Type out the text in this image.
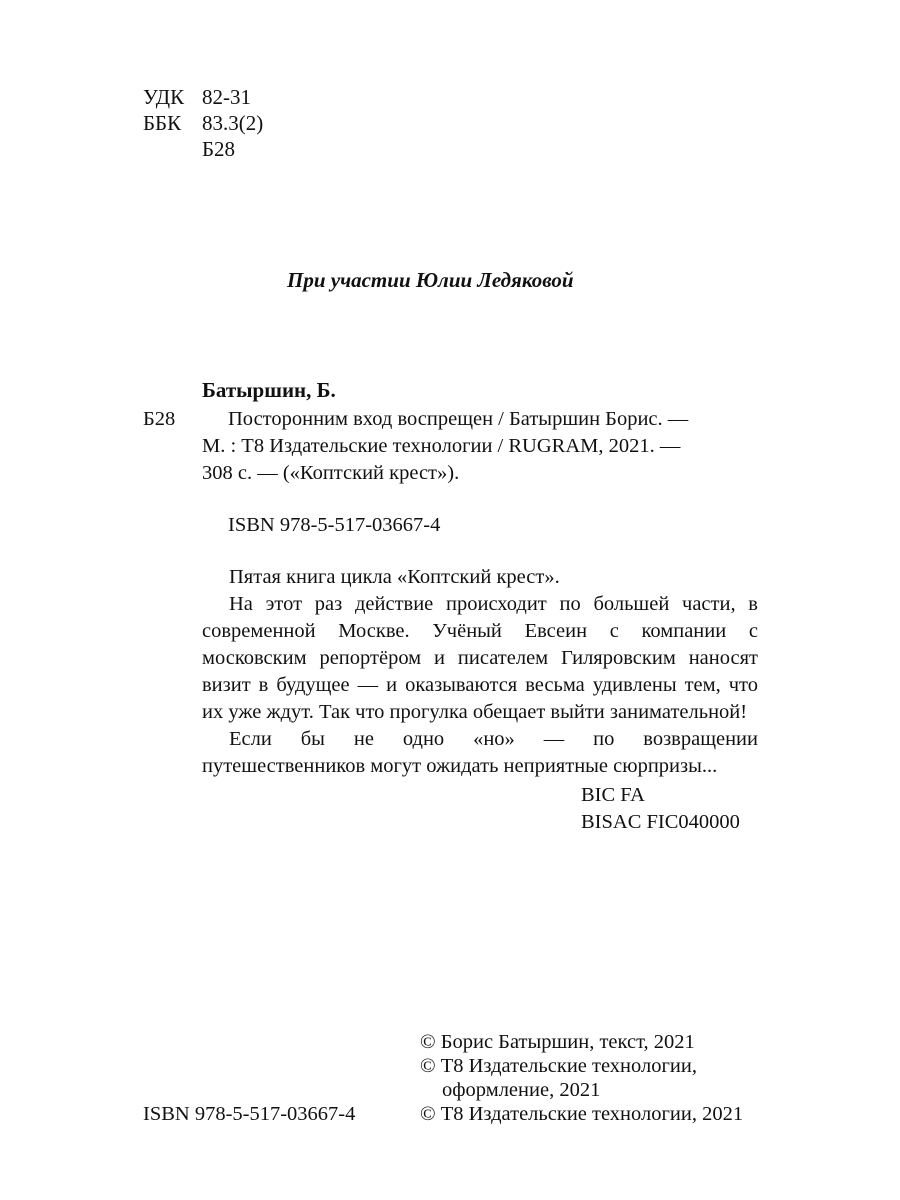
УДК 82-31
ББК 83.3(2)
Б28
При участии Юлии Ледяковой
Батыршин, Б.
Б28	Посторонним вход воспрещен / Батыршин Борис. —
М. : Т8 Издательские технологии / RUGRAM, 2021. —
308 с. — («Коптский крест»).
ISBN 978-5-517-03667-4

Пятая книга цикла «Коптский крест».

На этот раз действие происходит по большей части, в современной Москве. Учёный Евсеин с компании с московским репортёром и писателем Гиляровским наносят визит в будущее — и оказываются весьма удивлены тем, что их уже ждут. Так что прогулка обещает выйти занимательной!

Если бы не одно «но» — по возвращении путешественников могут ожидать неприятные сюрпризы...

BIC FA
BISAC FIC040000
© Борис Батыршин, текст, 2021
© Т8 Издательские технологии,
оформление, 2021
ISBN 978-5-517-03667-4	© Т8 Издательские технологии, 2021
